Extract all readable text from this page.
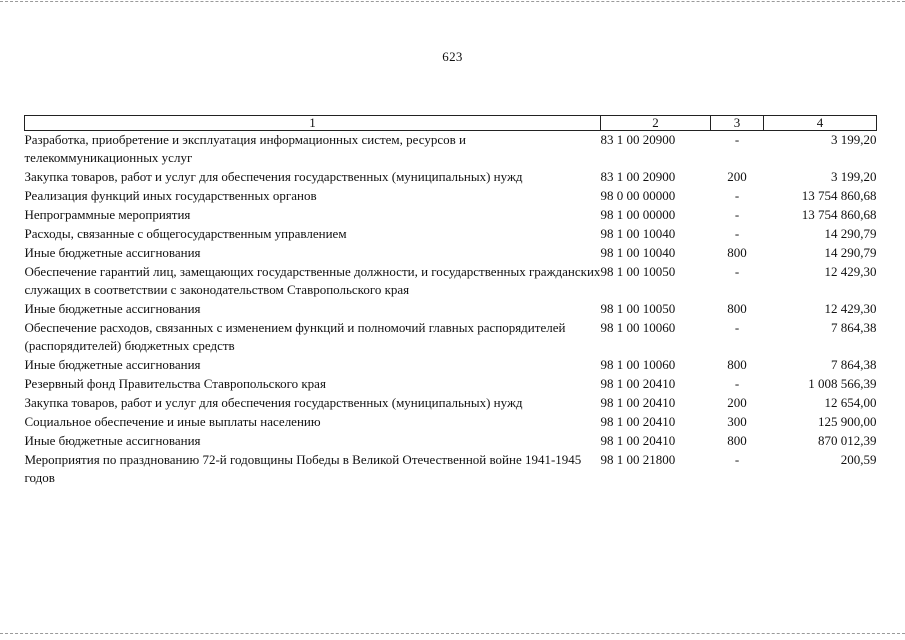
623
1	2	3	4
Разработка, приобретение и эксплуатация информационных систем, ресурсов и телекоммуникационных услуг	83 1 00 20900	-	3 199,20
Закупка товаров, работ и услуг для обеспечения государственных (муниципальных) нужд	83 1 00 20900	200	3 199,20
Реализация функций иных государственных органов	98 0 00 00000	-	13 754 860,68
Непрограммные мероприятия	98 1 00 00000	-	13 754 860,68
Расходы, связанные с общегосударственным управлением	98 1 00 10040	-	14 290,79
Иные бюджетные ассигнования	98 1 00 10040	800	14 290,79
Обеспечение гарантий лиц, замещающих государственные должности, и государственных гражданских служащих в соответствии с законодательством Ставропольского края	98 1 00 10050	-	12 429,30
Иные бюджетные ассигнования	98 1 00 10050	800	12 429,30
Обеспечение расходов, связанных с изменением функций и полномочий главных распорядителей (распорядителей) бюджетных средств	98 1 00 10060	-	7 864,38
Иные бюджетные ассигнования	98 1 00 10060	800	7 864,38
Резервный фонд Правительства Ставропольского края	98 1 00 20410	-	1 008 566,39
Закупка товаров, работ и услуг для обеспечения государственных (муниципальных) нужд	98 1 00 20410	200	12 654,00
Социальное обеспечение и иные выплаты населению	98 1 00 20410	300	125 900,00
Иные бюджетные ассигнования	98 1 00 20410	800	870 012,39
Мероприятия по празднованию 72-й годовщины Победы в Великой Отечественной войне 1941-1945 годов	98 1 00 21800	-	200,59
